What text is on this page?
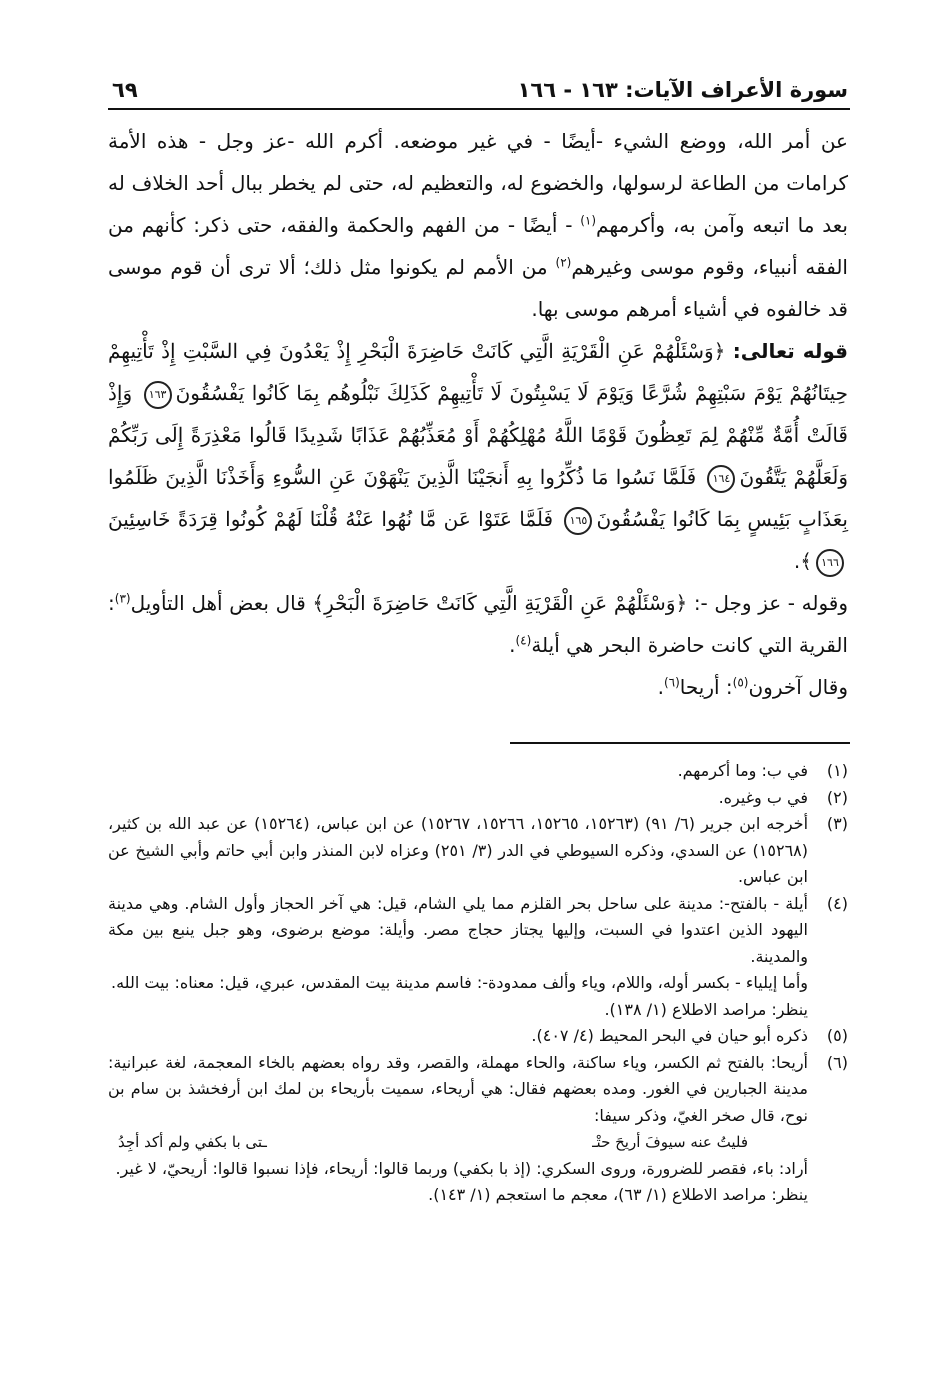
سورة الأعراف الآيات: ١٦٣ - ١٦٦
٦٩

عن أمر الله، ووضع الشيء -أيضًا - في غير موضعه. أكرم الله -عز وجل - هذه الأمة كرامات من الطاعة لرسولها، والخضوع له، والتعظيم له، حتى لم يخطر ببال أحد الخلاف له بعد ما اتبعه وآمن به، وأكرمهم$^{(١)}$ - أيضًا - من الفهم والحكمة والفقه، حتى ذكر: كأنهم من الفقه أنبياء، وقوم موسى وغيرهم$^{(٢)}$ من الأمم لم يكونوا مثل ذلك؛ ألا ترى أن قوم موسى قد خالفوه في أشياء أمرهم موسى بها.

قوله تعالى: ﴿وَسْئَلْهُمْ عَنِ الْقَرْيَةِ الَّتِي كَانَتْ حَاضِرَةَ الْبَحْرِ إِذْ يَعْدُونَ فِي السَّبْتِ إِذْ تَأْتِيهِمْ حِيتَانُهُمْ يَوْمَ سَبْتِهِمْ شُرَّعًا وَيَوْمَ لَا يَسْبِتُونَ لَا تَأْتِيهِمْ كَذَلِكَ نَبْلُوهُم بِمَا كَانُوا يَفْسُقُونَ١٦٣ وَإِذْ قَالَتْ أُمَّةٌ مِّنْهُمْ لِمَ تَعِظُونَ قَوْمًا اللَّهُ مُهْلِكُهُمْ أَوْ مُعَذِّبُهُمْ عَذَابًا شَدِيدًا قَالُوا مَعْذِرَةً إِلَى رَبِّكُمْ وَلَعَلَّهُمْ يَتَّقُونَ١٦٤ فَلَمَّا نَسُوا مَا ذُكِّرُوا بِهِ أَنجَيْنَا الَّذِينَ يَنْهَوْنَ عَنِ السُّوءِ وَأَخَذْنَا الَّذِينَ ظَلَمُوا بِعَذَابٍ بَئِيسٍ بِمَا كَانُوا يَفْسُقُونَ١٦٥ فَلَمَّا عَتَوْا عَن مَّا نُهُوا عَنْهُ قُلْنَا لَهُمْ كُونُوا قِرَدَةً خَاسِئِينَ١٦٦﴾.

وقوله - عز وجل -: ﴿وَسْئَلْهُمْ عَنِ الْقَرْيَةِ الَّتِي كَانَتْ حَاضِرَةَ الْبَحْرِ﴾ قال بعض أهل التأويل$^{(٣)}$: القرية التي كانت حاضرة البحر هي أيلة$^{(٤)}$.

وقال آخرون$^{(٥)}$: أريحا$^{(٦)}$.

(١)

في ب: وما أكرمهم.

(٢)

في ب وغيره.

(٣)

أخرجه ابن جرير (٦/ ٩١) (١٥٢٦٣، ١٥٢٦٥، ١٥٢٦٦، ١٥٢٦٧) عن ابن عباس، (١٥٢٦٤) عن عبد الله بن كثير، (١٥٢٦٨) عن السدي، وذكره السيوطي في الدر (٣/ ٢٥١) وعزاه لابن المنذر وابن أبي حاتم وأبي الشيخ عن ابن عباس.

(٤)

أيلة - بالفتح-: مدينة على ساحل بحر القلزم مما يلي الشام، قيل: هي آخر الحجاز وأول الشام. وهي مدينة اليهود الذين اعتدوا في السبت، وإليها يجتاز حجاج مصر. وأيلة: موضع برضوى، وهو جبل ينبع بين مكة والمدينة.

وأما إيلياء - بكسر أوله، واللام، وياء وألف ممدودة-: فاسم مدينة بيت المقدس، عبري، قيل: معناه: بيت الله.

ينظر: مراصد الاطلاع (١/ ١٣٨).

(٥)

ذكره أبو حيان في البحر المحيط (٤/ ٤٠٧).

(٦)

أريحا: بالفتح ثم الكسر، وياء ساكنة، والحاء مهملة، والقصر، وقد رواه بعضهم بالخاء المعجمة، لغة عبرانية: مدينة الجبارين في الغور. ومده بعضهم فقال: هي أريحاء، سميت بأريحاء بن لمك ابن أرفخشذ بن سام بن نوح، قال صخر الغيّ، وذكر سيفا:

فليتُ عنه سيوفَ أريحَ حتْـ
ـتى با بكفي ولم أكد أجِدُ

أراد: باء، فقصر للضرورة، وروى السكري: (إذ با بكفي) وربما قالوا: أريحاء، فإذا نسبوا قالوا: أريحيّ، لا غير.

ينظر: مراصد الاطلاع (١/ ٦٣)، معجم ما استعجم (١/ ١٤٣).
